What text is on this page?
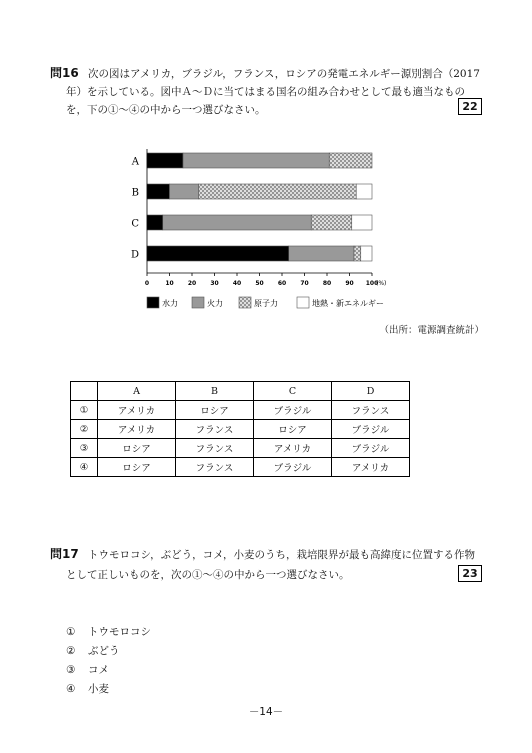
問16 次の図はアメリカ，ブラジル，フランス，ロシアの発電エネルギー源別割合（2017
年）を示している。図中Ａ～Ｄに当てはまる国名の組み合わせとして最も適当なもの
を，下の①～④の中から一つ選びなさい。	22
A
B
C
D
0	10 20 30 40 50 60 70 80 90 100
(%)
水力	火力	原子力	地熱・新エネルギー
（出所：電源調査統計）
	A	B	C	D
①	アメリカ	ロシア	ブラジル	フランス
②	アメリカ	フランス	ロシア	ブラジル
③	ロシア	フランス	アメリカ	ブラジル
④	ロシア	フランス	ブラジル	アメリカ
問17 トウモロコシ，ぶどう，コメ，小麦のうち，栽培限界が最も高緯度に位置する作物
として正しいものを，次の①～④の中から一つ選びなさい。	23
① トウモロコシ
② ぶどう
③ コメ
④ 小麦
－14－
